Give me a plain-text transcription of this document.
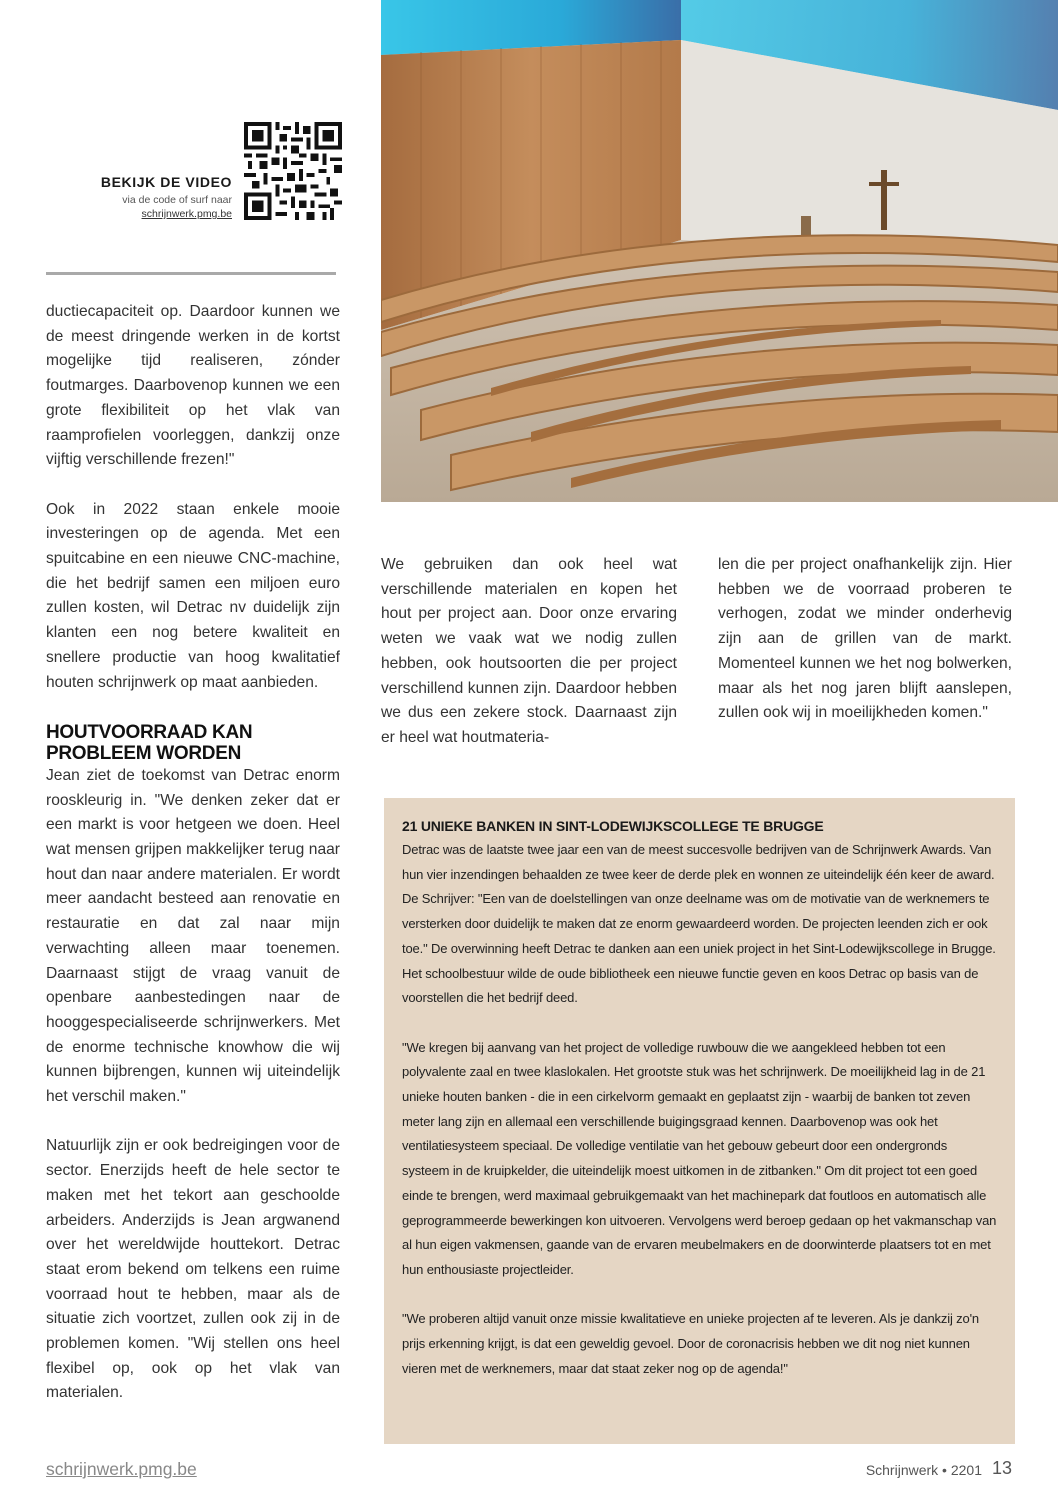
BEKIJK DE VIDEO
via de code of surf naar
schrijnwerk.pmg.be

ductiecapaciteit op. Daardoor kunnen we de meest dringende werken in de kortst mogelijke tijd realiseren, zónder foutmarges. Daarbovenop kunnen we een grote flexibiliteit op het vlak van raamprofielen voorleggen, dankzij onze vijftig verschillende frezen!"

Ook in 2022 staan enkele mooie investeringen op de agenda. Met een spuitcabine en een nieuwe CNC-machine, die het bedrijf samen een miljoen euro zullen kosten, wil Detrac nv duidelijk zijn klanten een nog betere kwaliteit en snellere productie van hoog kwalitatief houten schrijnwerk op maat aanbieden.

HOUTVOORRAAD KAN
PROBLEEM WORDEN

Jean ziet de toekomst van Detrac enorm rooskleurig in. "We denken zeker dat er een markt is voor hetgeen we doen. Heel wat mensen grijpen makkelijker terug naar hout dan naar andere materialen. Er wordt meer aandacht besteed aan renovatie en restauratie en dat zal naar mijn verwachting alleen maar toenemen. Daarnaast stijgt de vraag vanuit de openbare aanbestedingen naar de hooggespecialiseerde schrijnwerkers. Met de enorme technische knowhow die wij kunnen bijbrengen, kunnen wij uiteindelijk het verschil maken."

Natuurlijk zijn er ook bedreigingen voor de sector. Enerzijds heeft de hele sector te maken met het tekort aan geschoolde arbeiders. Anderzijds is Jean argwanend over het wereldwijde houttekort. Detrac staat erom bekend om telkens een ruime voorraad hout te hebben, maar als de situatie zich voortzet, zullen ook zij in de problemen komen. "Wij stellen ons heel flexibel op, ook op het vlak van materialen.

We gebruiken dan ook heel wat verschillende materialen en kopen het hout per project aan. Door onze ervaring weten we vaak wat we nodig zullen hebben, ook houtsoorten die per project verschillend kunnen zijn. Daardoor hebben we dus een zekere stock. Daarnaast zijn er heel wat houtmateria-

len die per project onafhankelijk zijn. Hier hebben we de voorraad proberen te verhogen, zodat we minder onderhevig zijn aan de grillen van de markt. Momenteel kunnen we het nog bolwerken, maar als het nog jaren blijft aanslepen, zullen ook wij in moeilijkheden komen."

21 UNIEKE BANKEN IN SINT-LODEWIJKSCOLLEGE TE BRUGGE

Detrac was de laatste twee jaar een van de meest succesvolle bedrijven van de Schrijnwerk Awards. Van hun vier inzendingen behaalden ze twee keer de derde plek en wonnen ze uiteindelijk één keer de award. De Schrijver: "Een van de doelstellingen van onze deelname was om de motivatie van de werknemers te versterken door duidelijk te maken dat ze enorm gewaardeerd worden. De projecten leenden zich er ook toe." De overwinning heeft Detrac te danken aan een uniek project in het Sint-Lodewijkscollege in Brugge. Het schoolbestuur wilde de oude bibliotheek een nieuwe functie geven en koos Detrac op basis van de voorstellen die het bedrijf deed.

"We kregen bij aanvang van het project de volledige ruwbouw die we aangekleed hebben tot een polyvalente zaal en twee klaslokalen. Het grootste stuk was het schrijnwerk. De moeilijkheid lag in de 21 unieke houten banken - die in een cirkelvorm gemaakt en geplaatst zijn - waarbij de banken tot zeven meter lang zijn en allemaal een verschillende buigingsgraad kennen. Daarbovenop was ook het ventilatiesysteem speciaal. De volledige ventilatie van het gebouw gebeurt door een ondergronds systeem in de kruipkelder, die uiteindelijk moest uitkomen in de zitbanken." Om dit project tot een goed einde te brengen, werd maximaal gebruikgemaakt van het machinepark dat foutloos en automatisch alle geprogrammeerde bewerkingen kon uitvoeren. Vervolgens werd beroep gedaan op het vakmanschap van al hun eigen vakmensen, gaande van de ervaren meubelmakers en de doorwinterde plaatsers tot en met hun enthousiaste projectleider.

"We proberen altijd vanuit onze missie kwalitatieve en unieke projecten af te leveren. Als je dankzij zo'n prijs erkenning krijgt, is dat een geweldig gevoel. Door de coronacrisis hebben we dit nog niet kunnen vieren met de werknemers, maar dat staat zeker nog op de agenda!"

schrijnwerk.pmg.be	Schrijnwerk • 2201 13
